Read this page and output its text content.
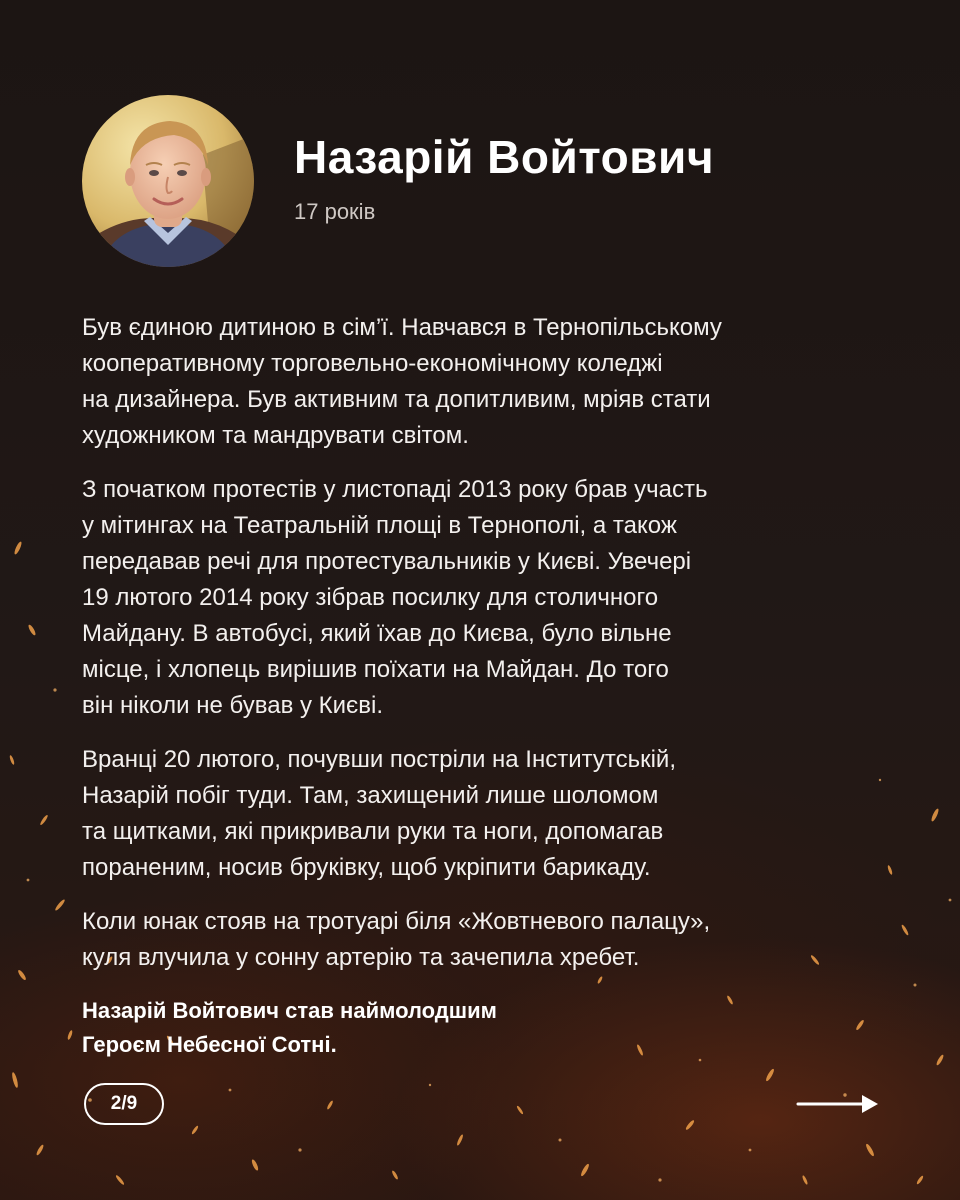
Назарій Войтович

17 років

Був єдиною дитиною в сім’ї. Навчався в Тернопільському
кооперативному торговельно-економічному коледжі
на дизайнера. Був активним та допитливим, мріяв стати
художником та мандрувати світом.

З початком протестів у листопаді 2013 року брав участь
у мітингах на Театральній площі в Тернополі, а також
передавав речі для протестувальників у Києві. Увечері
19 лютого 2014 року зібрав посилку для столичного
Майдану. В автобусі, який їхав до Києва, було вільне
місце, і хлопець вирішив поїхати на Майдан. До того
він ніколи не бував у Києві.

Вранці 20 лютого, почувши постріли на Інститутській,
Назарій побіг туди. Там, захищений лише шоломом
та щитками, які прикривали руки та ноги, допомагав
пораненим, носив бруківку, щоб укріпити барикаду.

Коли юнак стояв на тротуарі біля «Жовтневого палацу»,
куля влучила у сонну артерію та зачепила хребет.

Назарій Войтович став наймолодшим
Героєм Небесної Сотні.

2/9
